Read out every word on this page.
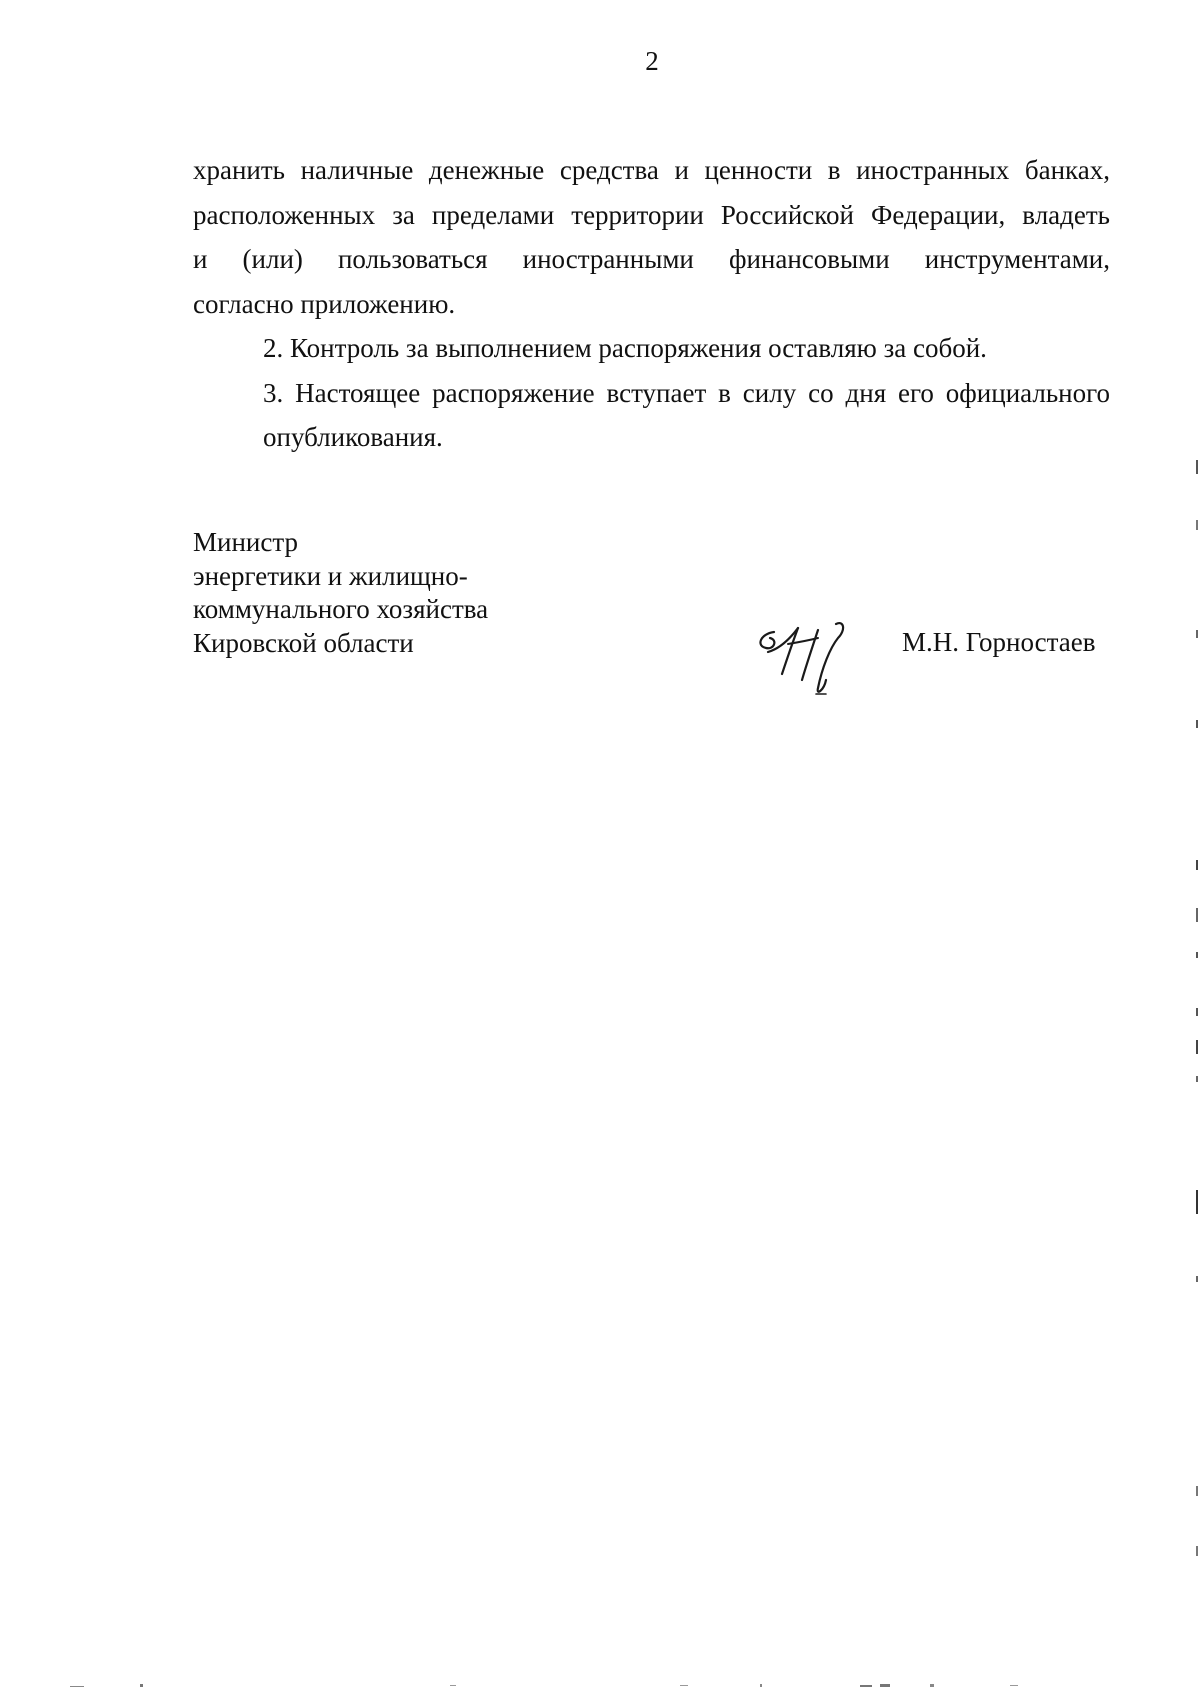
2

хранить наличные денежные средства и ценности в иностранных банках,
расположенных за пределами территории Российской Федерации, владеть
и (или) пользоваться иностранными финансовыми инструментами,
согласно приложению.

2. Контроль за выполнением распоряжения оставляю за собой.

3. Настоящее распоряжение вступает в силу со дня его официального
опубликования.

Министр
энергетики и жилищно-
коммунального хозяйства
Кировской области	М.Н. Горностаев
